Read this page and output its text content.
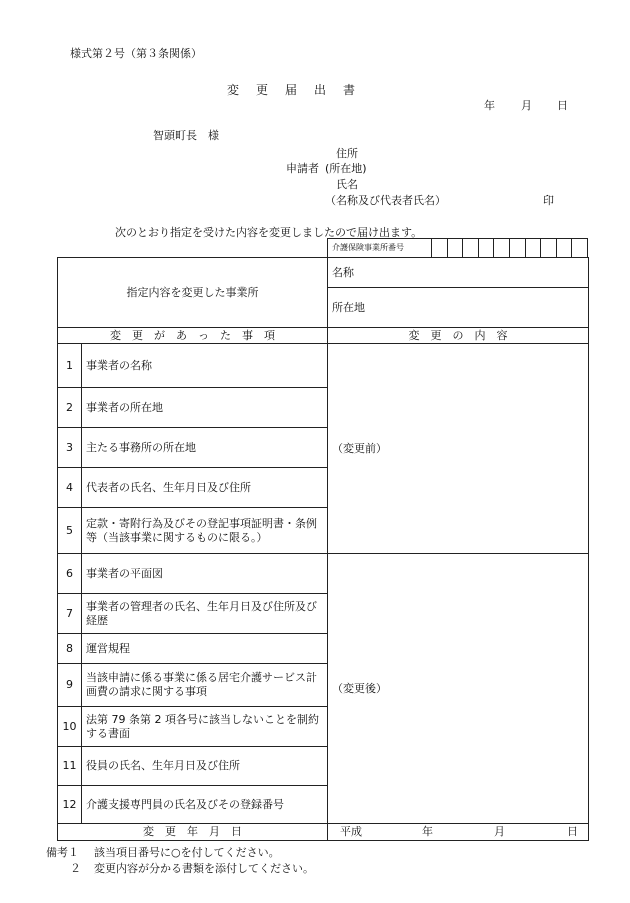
様式第２号（第３条関係）
変 更 届 出 書
年 月 日
智頭町長　様
住所
申請者 (所在地)
氏名
（名称及び代表者氏名）	印
次のとおり指定を受けた内容を変更しましたので届け出ます。
介護保険事業所番号
指定内容を変更した事業所		名称
		所在地
変　更　が　あ　っ　た　事　項		変　更　の　内　容
1	事業者の名称	（変更前）
2	事業者の所在地	
3	主たる事務所の所在地	
4	代表者の氏名、生年月日及び住所	
5	定款・寄附行為及びその登記事項証明書・条例等（当該事業に関するものに限る。）	
6	事業者の平面図	（変更後）
7	事業者の管理者の氏名、生年月日及び住所及び経歴	
8	運営規程	
9	当該申請に係る事業に係る居宅介護サービス計画費の請求に関する事項	
10	法第 79 条第 2 項各号に該当しないことを制約する書面	
11	役員の氏名、生年月日及び住所	
12	介護支援専門員の氏名及びその登録番号	
変　更　年　月　日		平成 年 月 日
備考１ 該当項目番号に○を付してください。
２ 変更内容が分かる書類を添付してください。
